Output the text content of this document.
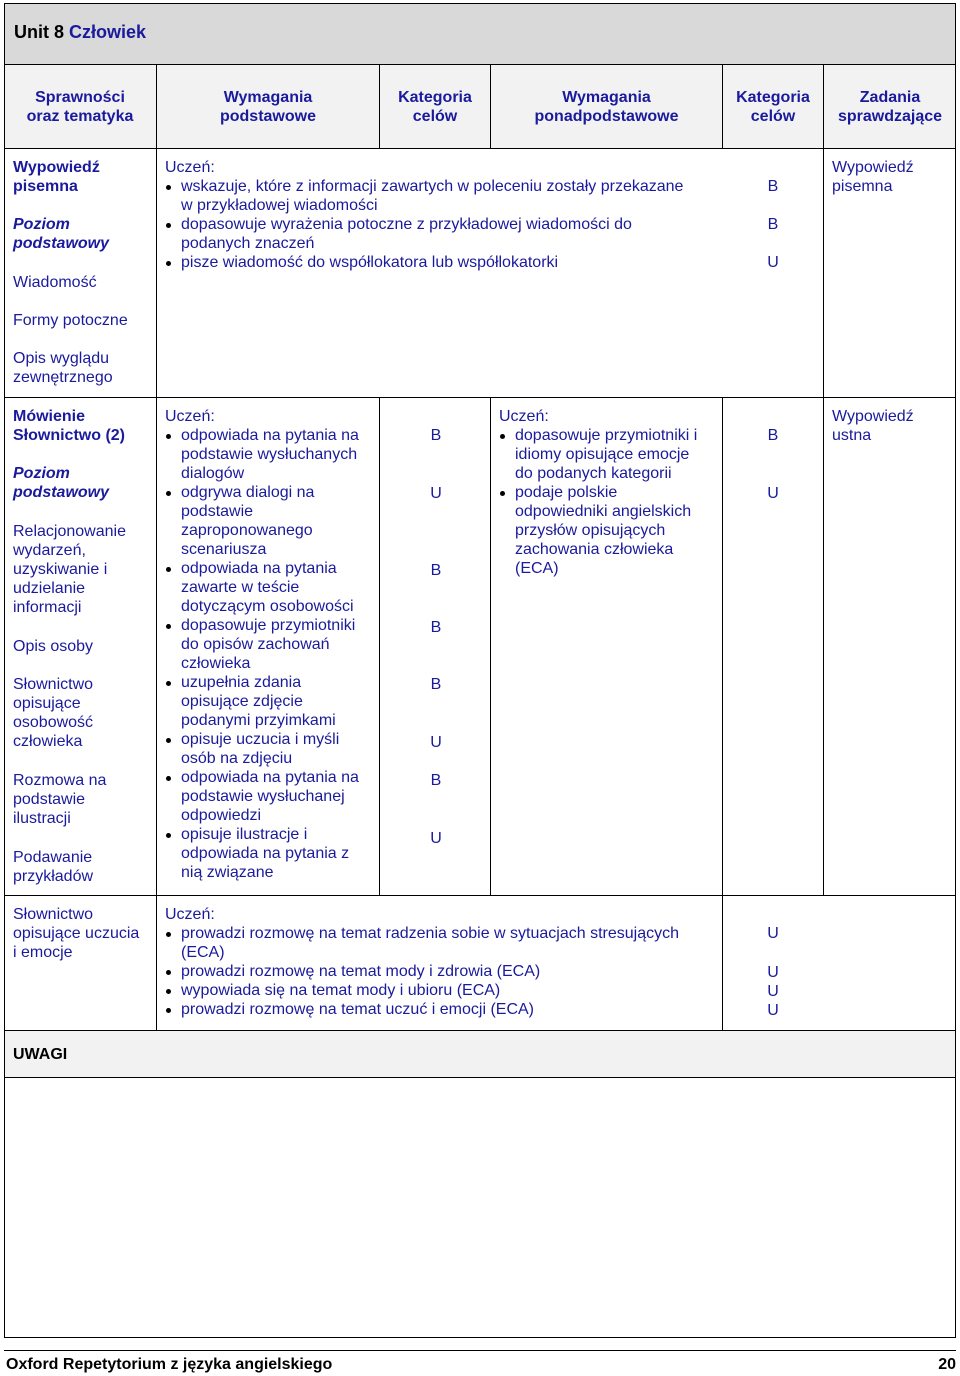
Unit 8 Człowiek
Sprawności
oraz tematyka
Wymagania
podstawowe
Kategoria
celów
Wymagania
ponadpodstawowe
Kategoria
celów
Zadania
sprawdzające
Wypowiedź
pisemna
Poziom
podstawowy
Wiadomość
Formy potoczne
Opis wyglądu
zewnętrznego
Uczeń:
wskazuje, które z informacji zawartych w poleceniu zostały przekazane
w przykładowej wiadomości
dopasowuje wyrażenia potoczne z przykładowej wiadomości do
podanych znaczeń
pisze wiadomość do współlokatora lub współlokatorki
B
B
U
Wypowiedź
pisemna
Mówienie
Słownictwo (2)
Poziom
podstawowy
Relacjonowanie
wydarzeń,
uzyskiwanie i
udzielanie
informacji
Opis osoby
Słownictwo
opisujące
osobowość
człowieka
Rozmowa na
podstawie
ilustracji
Podawanie
przykładów
Uczeń:
odpowiada na pytania na
podstawie wysłuchanych
dialogów
odgrywa dialogi na
podstawie
zaproponowanego
scenariusza
odpowiada na pytania
zawarte w teście
dotyczącym osobowości
dopasowuje przymiotniki
do opisów zachowań
człowieka
uzupełnia zdania
opisujące zdjęcie
podanymi przyimkami
opisuje uczucia i myśli
osób na zdjęciu
odpowiada na pytania na
podstawie wysłuchanej
odpowiedzi
opisuje ilustracje i
odpowiada na pytania z
nią związane
B
U
B
B
B
U
B
U
Uczeń:
dopasowuje przymiotniki i
idiomy opisujące emocje
do podanych kategorii
podaje polskie
odpowiedniki angielskich
przysłów opisujących
zachowania człowieka
(ECA)
B
U
Wypowiedź
ustna
Słownictwo
opisujące uczucia
i emocje
Uczeń:
prowadzi rozmowę na temat radzenia sobie w sytuacjach stresujących
(ECA)
prowadzi rozmowę na temat mody i zdrowia (ECA)
wypowiada się na temat mody i ubioru (ECA)
prowadzi rozmowę na temat uczuć i emocji (ECA)
U
U
U
U
UWAGI
Oxford Repetytorium z języka angielskiego	20
